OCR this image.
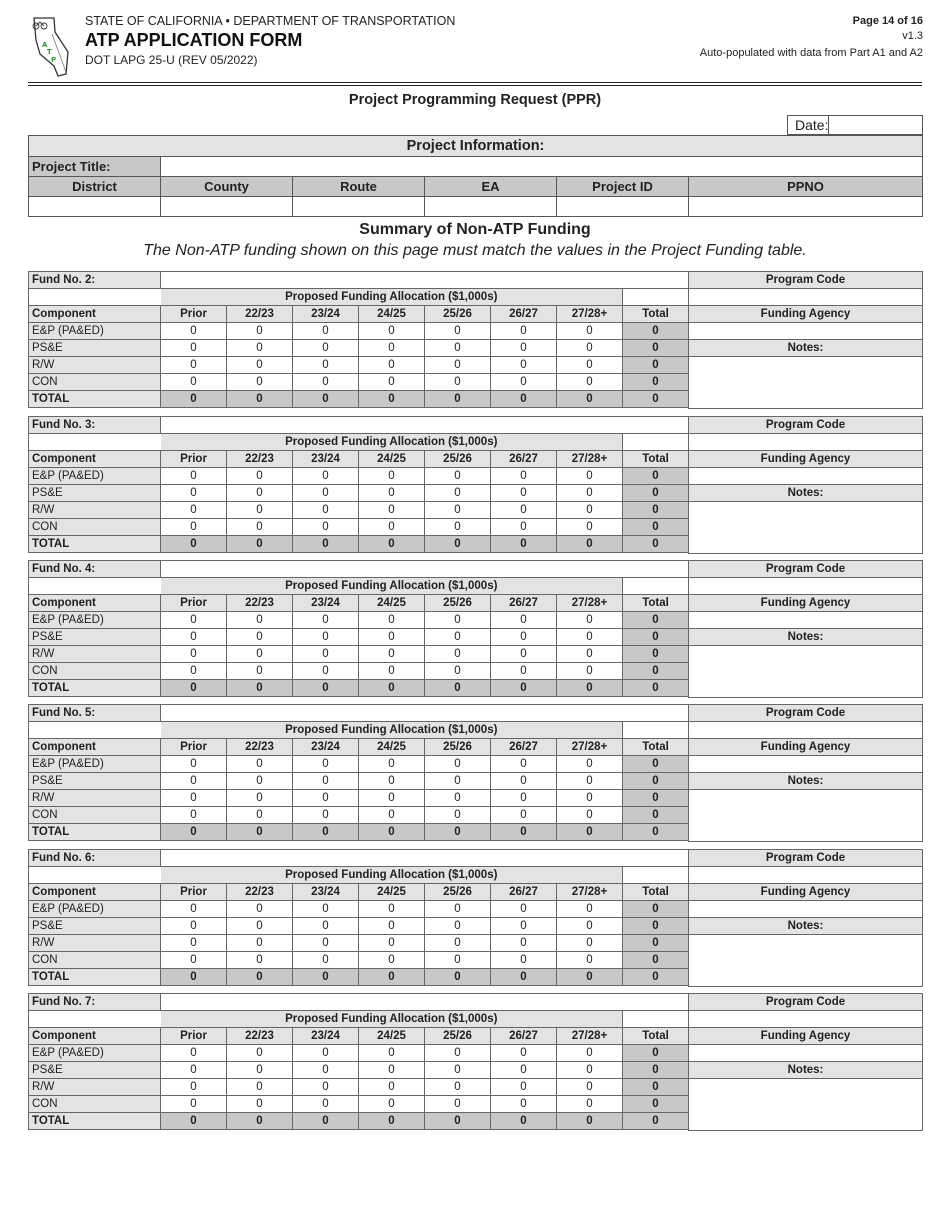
A
T
P
STATE OF CALIFORNIA • DEPARTMENT OF TRANSPORTATION
ATP APPLICATION FORM
DOT LAPG 25-U (REV 05/2022)
Page 14 of 16
v1.3
Auto-populated with data from Part A1 and A2
Project Programming Request (PPR)
Date:
Project Information:					
Project Title:					
District	County	Route	EA	Project ID	PPNO

Summary of Non-ATP Funding
The Non-ATP funding shown on this page must match the values in the Project Funding table.
Fund No. 2:								
	Proposed Funding Allocation ($1,000s)							
Component	Prior	22/23	23/24	24/25	25/26	26/27	27/28+	Total
E&P (PA&ED)	0	0	0	0	0	0	0	0
PS&E	0	0	0	0	0	0	0	0
R/W	0	0	0	0	0	0	0	0
CON	0	0	0	0	0	0	0	0
TOTAL	0	0	0	0	0	0	0	0
Program Code
Funding Agency
Notes:
Fund No. 3:								
	Proposed Funding Allocation ($1,000s)							
Component	Prior	22/23	23/24	24/25	25/26	26/27	27/28+	Total
E&P (PA&ED)	0	0	0	0	0	0	0	0
PS&E	0	0	0	0	0	0	0	0
R/W	0	0	0	0	0	0	0	0
CON	0	0	0	0	0	0	0	0
TOTAL	0	0	0	0	0	0	0	0
Program Code
Funding Agency
Notes:
Fund No. 4:								
	Proposed Funding Allocation ($1,000s)							
Component	Prior	22/23	23/24	24/25	25/26	26/27	27/28+	Total
E&P (PA&ED)	0	0	0	0	0	0	0	0
PS&E	0	0	0	0	0	0	0	0
R/W	0	0	0	0	0	0	0	0
CON	0	0	0	0	0	0	0	0
TOTAL	0	0	0	0	0	0	0	0
Program Code
Funding Agency
Notes:
Fund No. 5:								
	Proposed Funding Allocation ($1,000s)							
Component	Prior	22/23	23/24	24/25	25/26	26/27	27/28+	Total
E&P (PA&ED)	0	0	0	0	0	0	0	0
PS&E	0	0	0	0	0	0	0	0
R/W	0	0	0	0	0	0	0	0
CON	0	0	0	0	0	0	0	0
TOTAL	0	0	0	0	0	0	0	0
Program Code
Funding Agency
Notes:
Fund No. 6:								
	Proposed Funding Allocation ($1,000s)							
Component	Prior	22/23	23/24	24/25	25/26	26/27	27/28+	Total
E&P (PA&ED)	0	0	0	0	0	0	0	0
PS&E	0	0	0	0	0	0	0	0
R/W	0	0	0	0	0	0	0	0
CON	0	0	0	0	0	0	0	0
TOTAL	0	0	0	0	0	0	0	0
Program Code
Funding Agency
Notes:
Fund No. 7:								
	Proposed Funding Allocation ($1,000s)							
Component	Prior	22/23	23/24	24/25	25/26	26/27	27/28+	Total
E&P (PA&ED)	0	0	0	0	0	0	0	0
PS&E	0	0	0	0	0	0	0	0
R/W	0	0	0	0	0	0	0	0
CON	0	0	0	0	0	0	0	0
TOTAL	0	0	0	0	0	0	0	0
Program Code
Funding Agency
Notes:
